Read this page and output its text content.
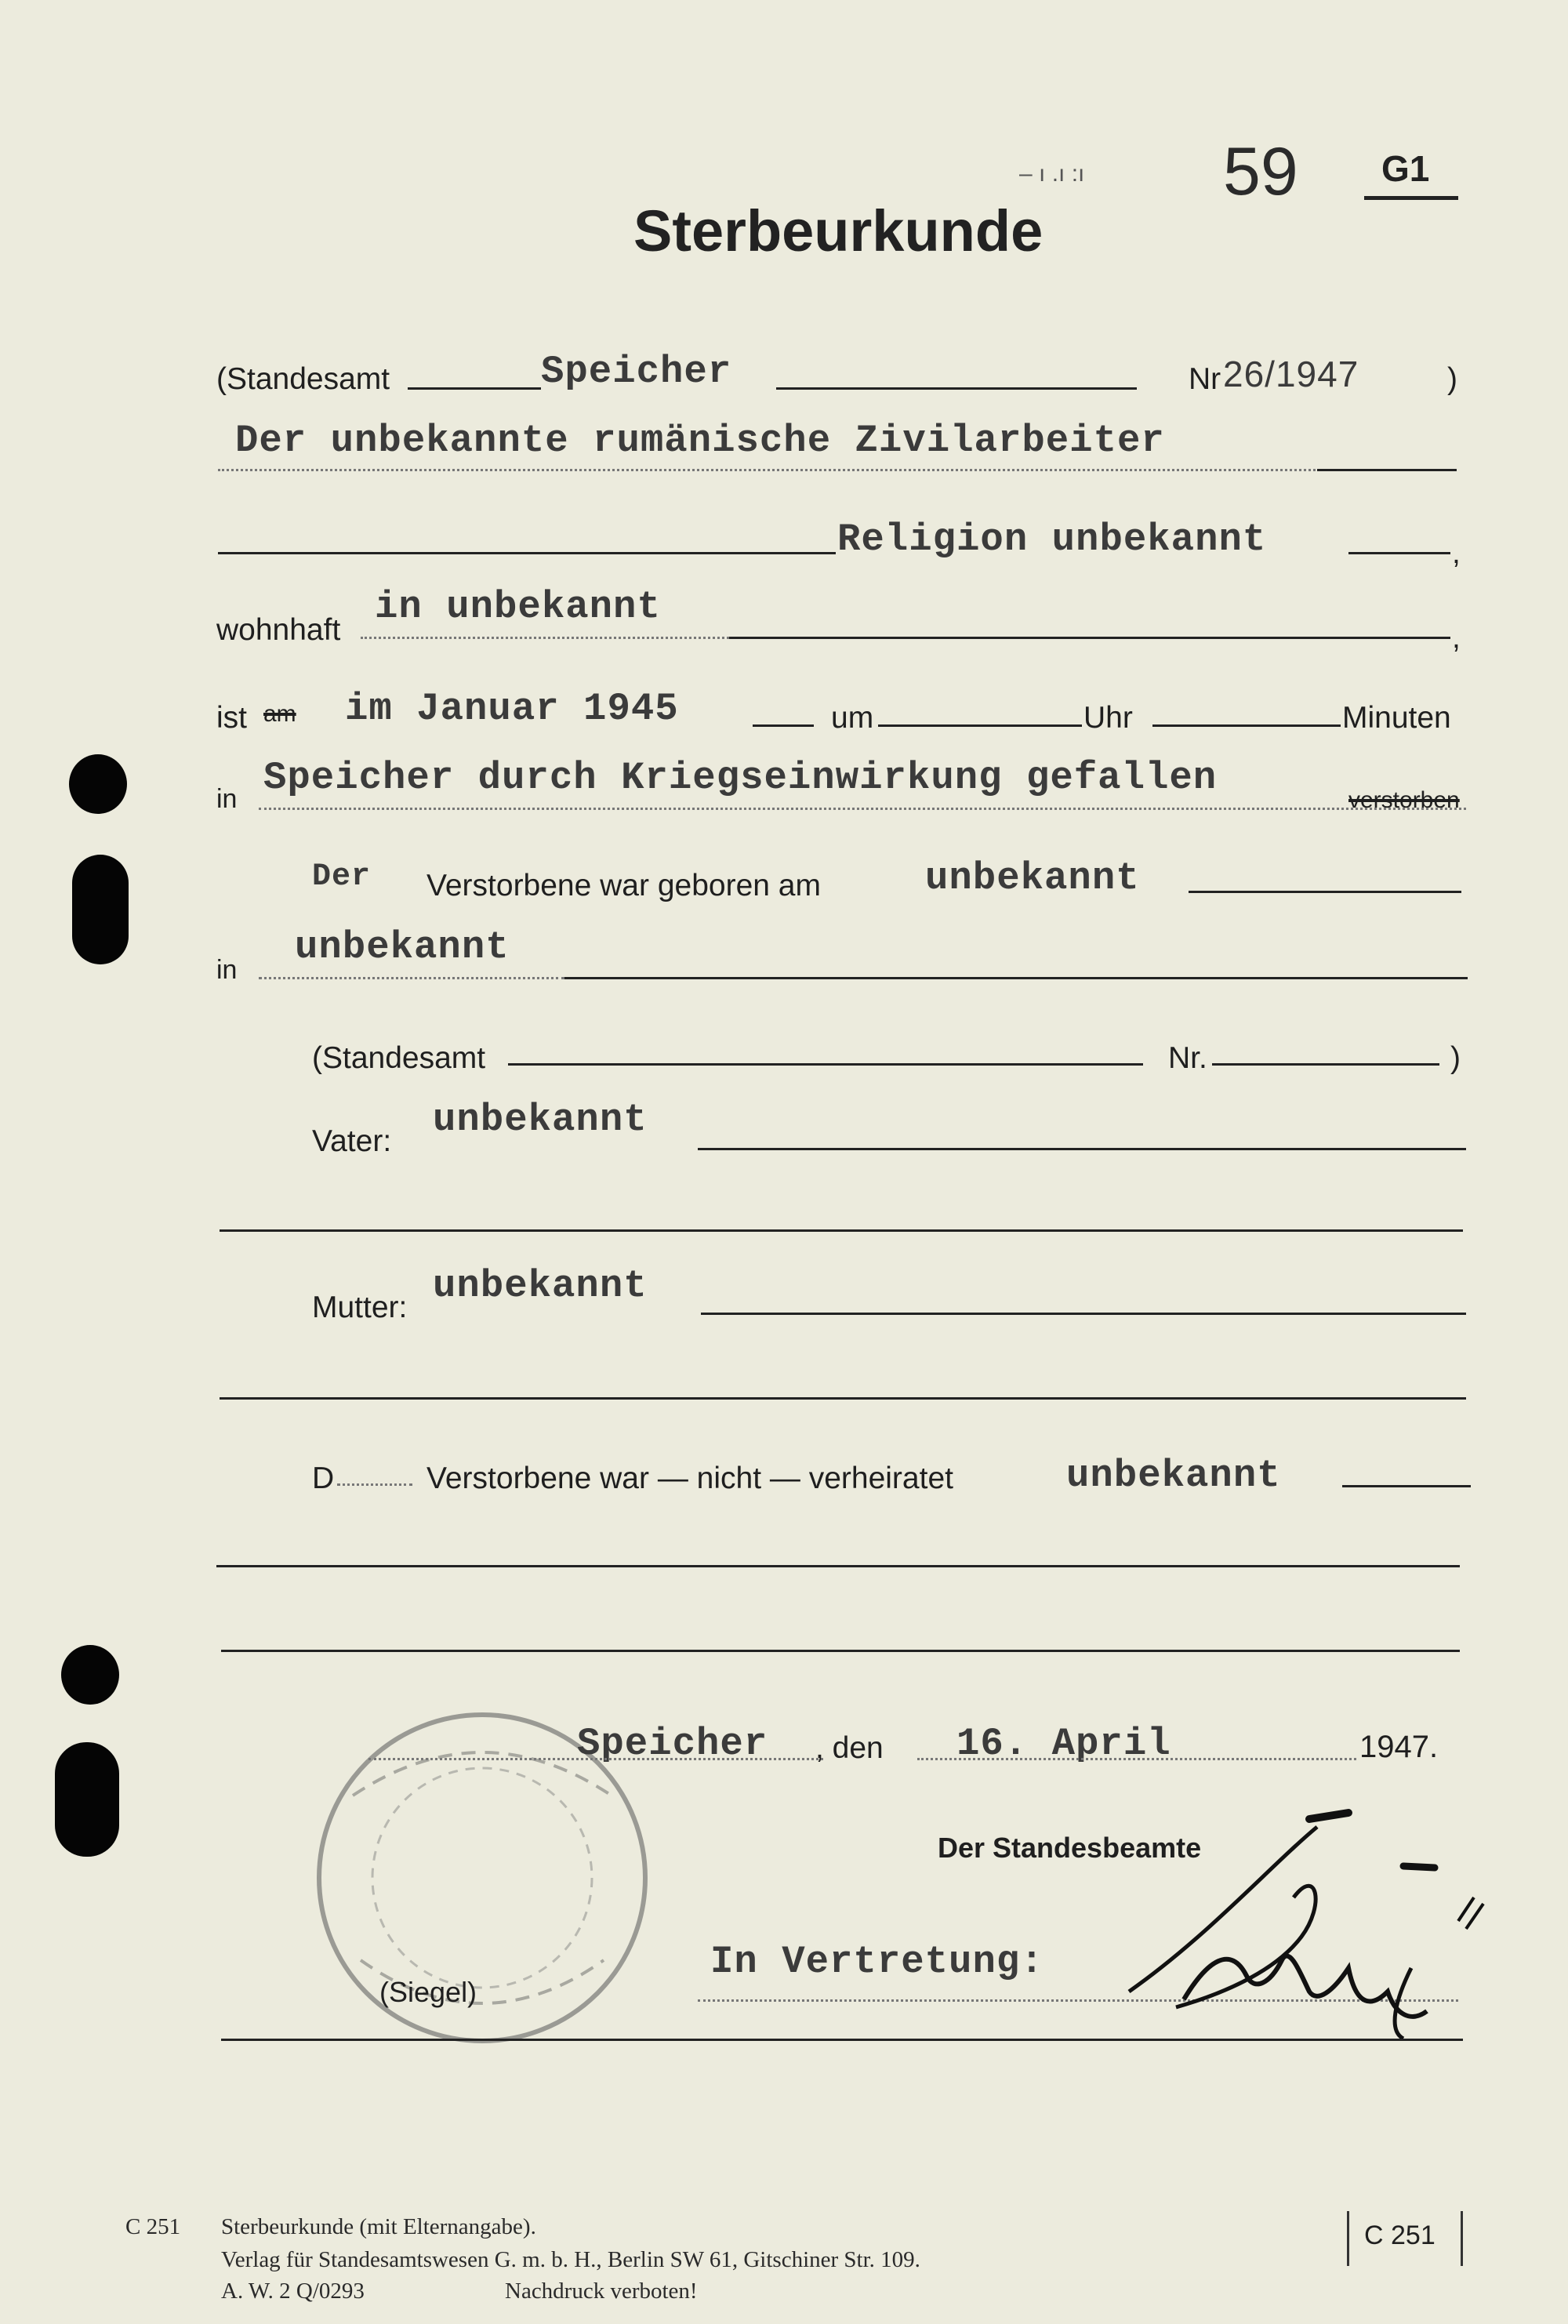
Sterbeurkunde
– ı .ı :ı 59 G1
(Standesamt	Speicher	Nr 26/1947	)
Der unbekannte rumänische Zivilarbeiter
Religion unbekannt	,
wohnhaft
in unbekannt
,
ist am im Januar 1945	um	Uhr	Minuten
in Speicher durch Kriegseinwirkung gefallen
verstorben
Der Verstorbene war geboren am	unbekannt
in
unbekannt
(Standesamt	Nr.	)
Vater: unbekannt
Mutter: unbekannt
D	Verstorbene war — nicht — verheiratet	unbekannt
(Siegel)
Speicher , den 16. April	1947.
Der Standesbeamte
In Vertretung:
C 251 Sterbeurkunde (mit Elternangabe).
Verlag für Standesamtswesen G. m. b. H., Berlin SW 61, Gitschiner Str. 109.
A. W. 2 Q/0293	Nachdruck verboten!
C 251
